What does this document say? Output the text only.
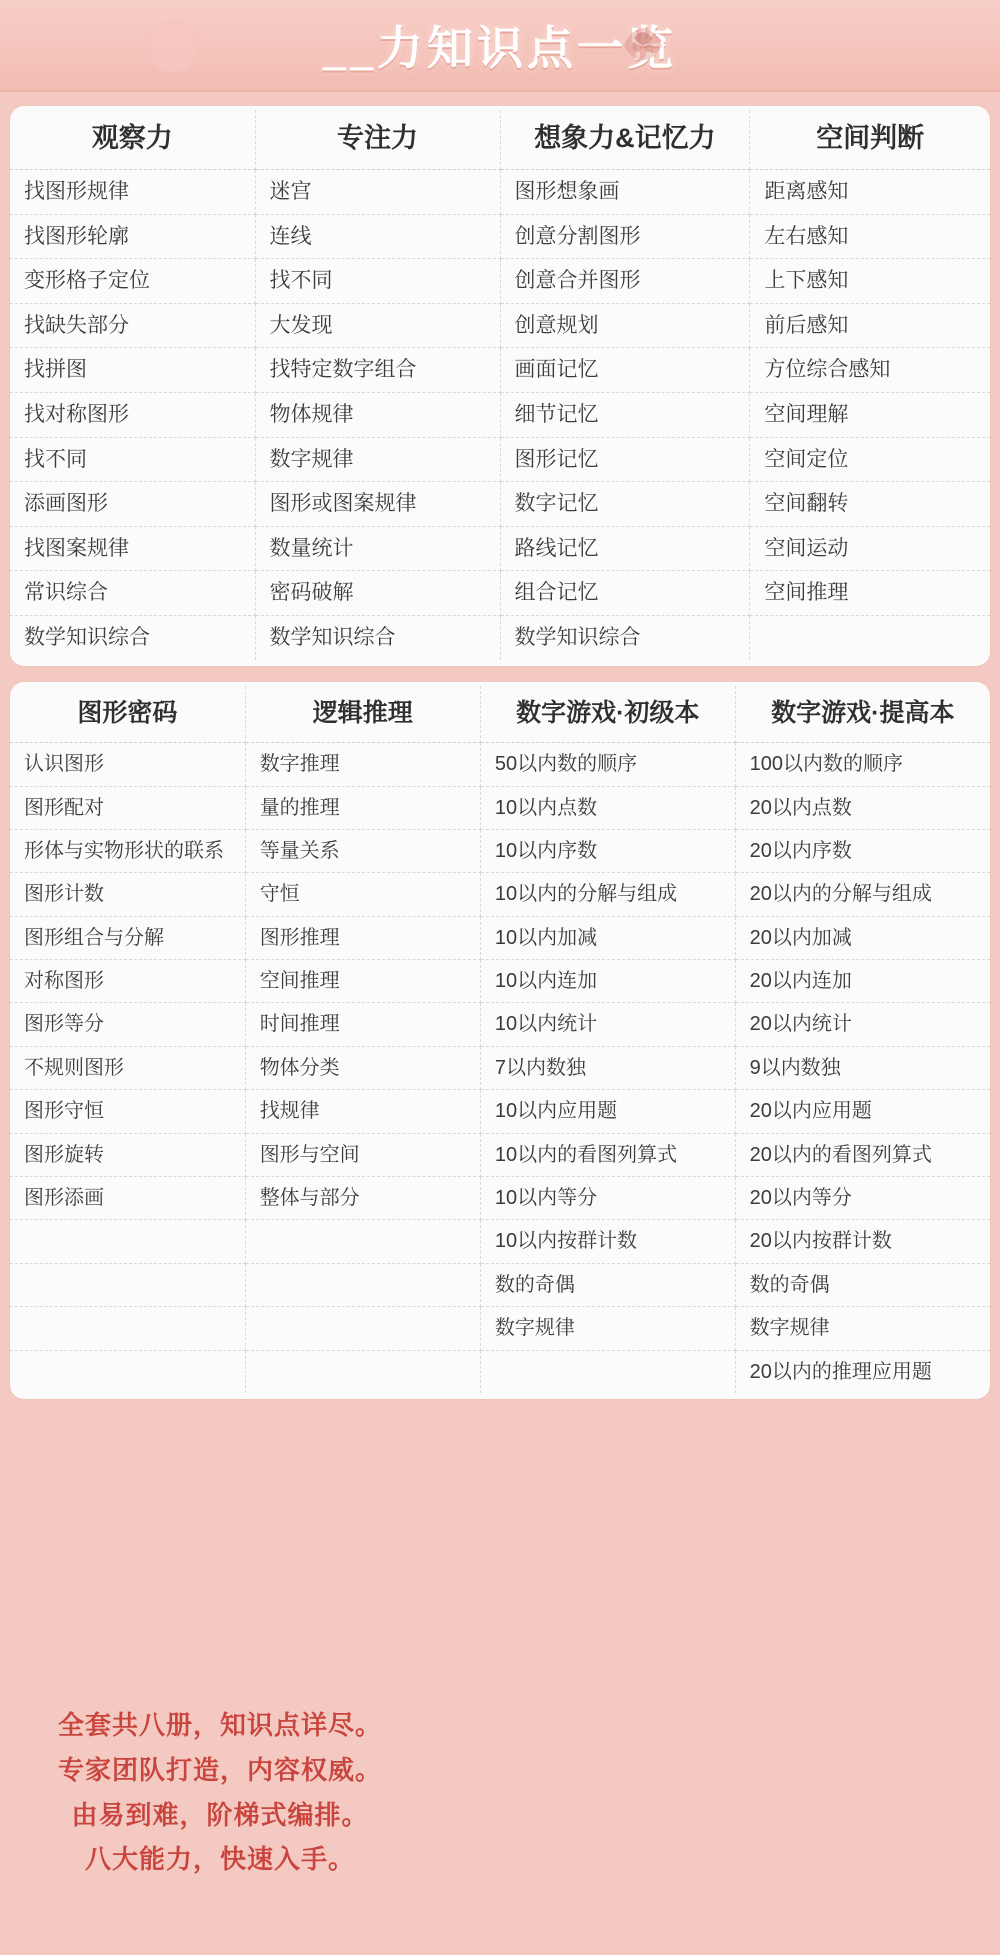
__力知识点一览
观察力	专注力	想象力&记忆力	空间判断
找图形规律	迷宫	图形想象画	距离感知
找图形轮廓	连线	创意分割图形	左右感知
变形格子定位	找不同	创意合并图形	上下感知
找缺失部分	大发现	创意规划	前后感知
找拼图	找特定数字组合	画面记忆	方位综合感知
找对称图形	物体规律	细节记忆	空间理解
找不同	数字规律	图形记忆	空间定位
添画图形	图形或图案规律	数字记忆	空间翻转
找图案规律	数量统计	路线记忆	空间运动
常识综合	密码破解	组合记忆	空间推理
数学知识综合	数学知识综合	数学知识综合	
图形密码	逻辑推理	数字游戏·初级本	数字游戏·提高本
认识图形	数字推理	50以内数的顺序	100以内数的顺序
图形配对	量的推理	10以内点数	20以内点数
形体与实物形状的联系	等量关系	10以内序数	20以内序数
图形计数	守恒	10以内的分解与组成	20以内的分解与组成
图形组合与分解	图形推理	10以内加减	20以内加减
对称图形	空间推理	10以内连加	20以内连加
图形等分	时间推理	10以内统计	20以内统计
不规则图形	物体分类	7以内数独	9以内数独
图形守恒	找规律	10以内应用题	20以内应用题
图形旋转	图形与空间	10以内的看图列算式	20以内的看图列算式
图形添画	整体与部分	10以内等分	20以内等分
		10以内按群计数	20以内按群计数
		数的奇偶	数的奇偶
		数字规律	数字规律
			20以内的推理应用题
全套共八册，知识点详尽。
专家团队打造，内容权威。
由易到难，阶梯式编排。
八大能力，快速入手。
